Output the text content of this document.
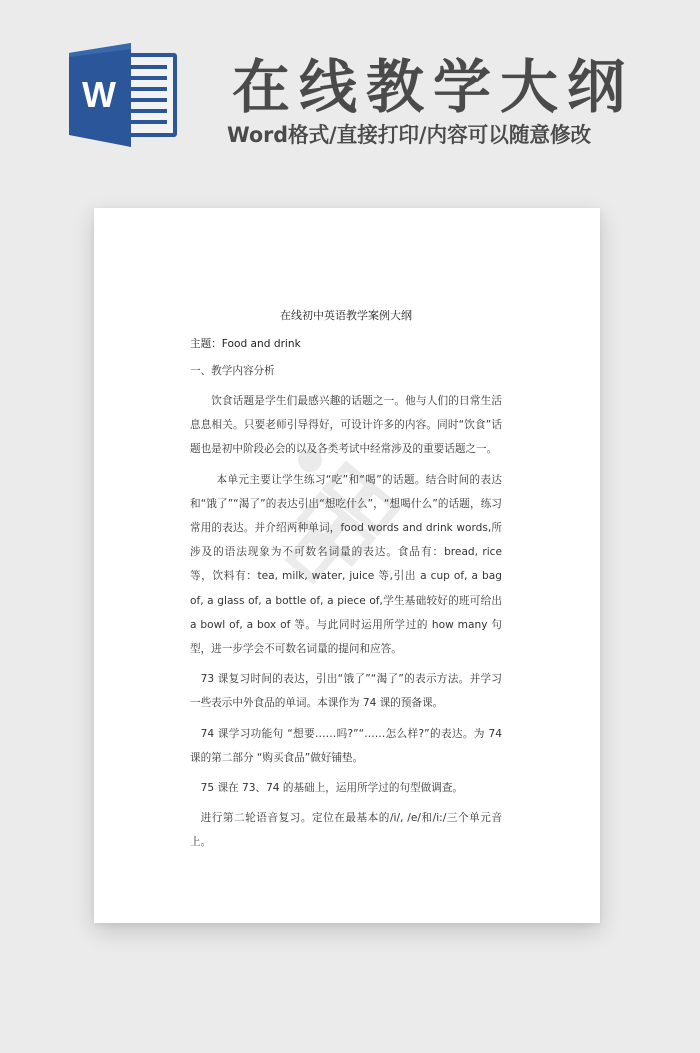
W 在线教学大纲
Word格式/直接打印/内容可以随意修改
在线初中英语教学案例大纲
主题：Food and drink
一、教学内容分析

饮食话题是学生们最感兴趣的话题之一。他与人们的日常生活息息相关。只要老师引导得好，可设计许多的内容。同时“饮食”话题也是初中阶段必会的以及各类考试中经常涉及的重要话题之一。

本单元主要让学生练习“吃”和“喝”的话题。结合时间的表达和“饿了”“渴了”的表达引出“想吃什么”，“想喝什么”的话题，练习常用的表达。并介绍两种单词，food words and drink words,所涉及的语法现象为不可数名词量的表达。食品有：bread, rice 等，饮料有：tea, milk, water, juice 等,引出 a cup of, a bag of, a glass of, a bottle of, a piece of,学生基础较好的班可给出 a bowl of, a box of 等。与此同时运用所学过的 how many 句型，进一步学会不可数名词量的提问和应答。

73 课复习时间的表达，引出“饿了”“渴了”的表示方法。并学习一些表示中外食品的单词。本课作为 74 课的预备课。

74 课学习功能句 “想要……吗?”“……怎么样?”的表达。为 74 课的第二部分 “购买食品”做好铺垫。

75 课在 73、74 的基础上，运用所学过的句型做调查。

进行第二轮语音复习。定位在最基本的/i/, /e/和/i:/三个单元音上。
